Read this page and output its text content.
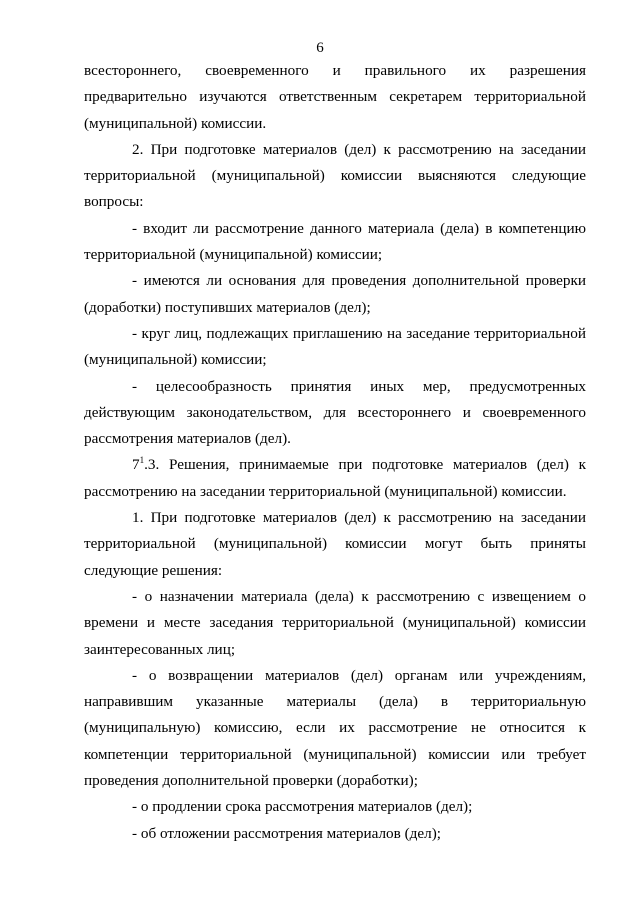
6

всестороннего, своевременного и правильного их разрешения

предварительно изучаются ответственным секретарем территориальной (муниципальной) комиссии.

2. При подготовке материалов (дел) к рассмотрению на заседании территориальной (муниципальной) комиссии выясняются следующие вопросы:

- входит ли рассмотрение данного материала (дела) в компетенцию территориальной (муниципальной) комиссии;

- имеются ли основания для проведения дополнительной проверки (доработки) поступивших материалов (дел);

- круг лиц, подлежащих приглашению на заседание территориальной (муниципальной) комиссии;

- целесообразность принятия иных мер, предусмотренных действующим законодательством, для всестороннего и своевременного рассмотрения материалов (дел).

$7^1.3$. Решения, принимаемые при подготовке материалов (дел) к рассмотрению на заседании территориальной (муниципальной) комиссии.

1. При подготовке материалов (дел) к рассмотрению на заседании территориальной (муниципальной) комиссии могут быть приняты следующие решения:

- о назначении материала (дела) к рассмотрению с извещением о времени и месте заседания территориальной (муниципальной) комиссии заинтересованных лиц;

- о возвращении материалов (дел) органам или учреждениям, направившим указанные материалы (дела) в территориальную (муниципальную) комиссию, если их рассмотрение не относится к компетенции территориальной (муниципальной) комиссии или требует проведения дополнительной проверки (доработки);

- о продлении срока рассмотрения материалов (дел);

- об отложении рассмотрения материалов (дел);
